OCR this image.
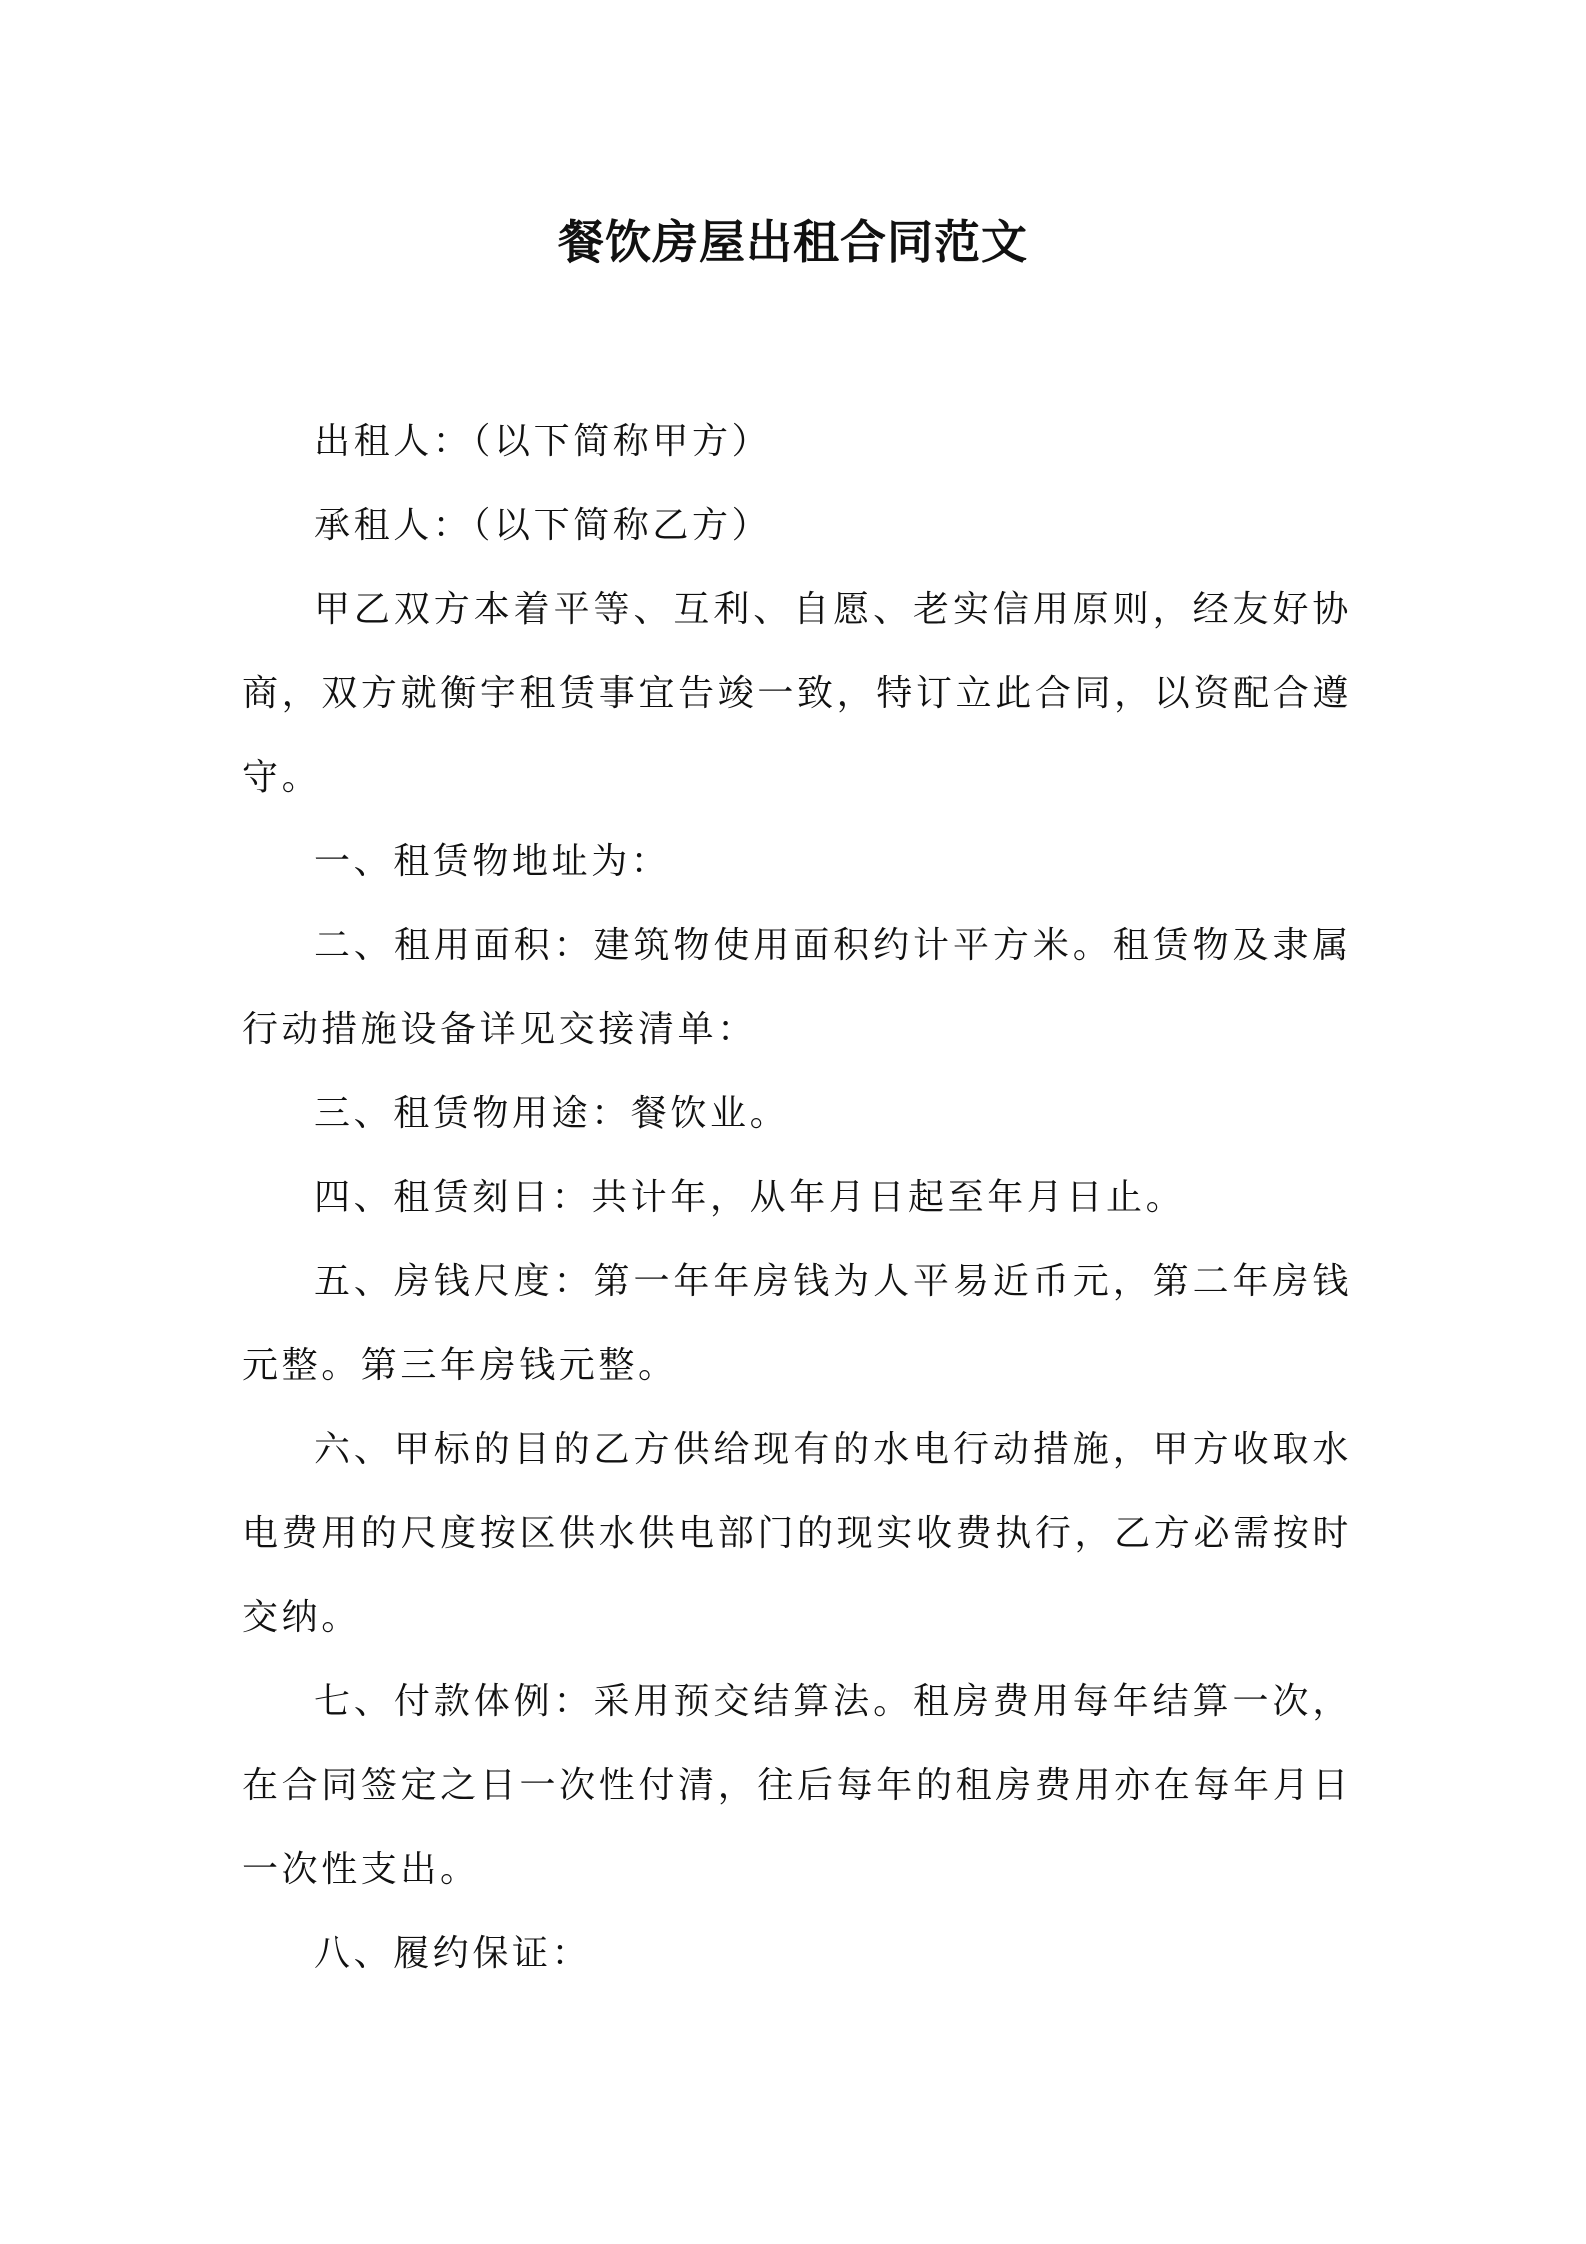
餐饮房屋出租合同范文

出租人：（以下简称甲方）

承租人：（以下简称乙方）

甲乙双方本着平等、互利、自愿、老实信用原则，经友好协商，双方就衡宇租赁事宜告竣一致，特订立此合同，以资配合遵守。

一、租赁物地址为：

二、租用面积：建筑物使用面积约计平方米。租赁物及隶属行动措施设备详见交接清单：

三、租赁物用途：餐饮业。

四、租赁刻日：共计年，从年月日起至年月日止。

五、房钱尺度：第一年年房钱为人平易近币元，第二年房钱元整。第三年房钱元整。

六、甲标的目的乙方供给现有的水电行动措施，甲方收取水电费用的尺度按区供水供电部门的现实收费执行，乙方必需按时交纳。

七、付款体例：采用预交结算法。租房费用每年结算一次，在合同签定之日一次性付清，往后每年的租房费用亦在每年月日一次性支出。

八、履约保证：
